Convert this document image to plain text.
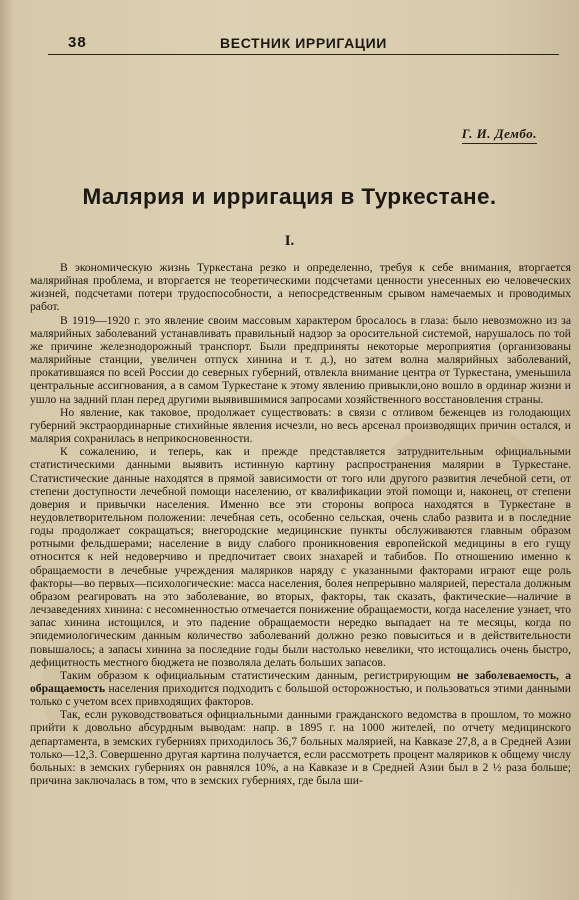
38	ВЕСТНИК ИРРИГАЦИИ
Г. И. Дембо.
Малярия и ирригация в Туркестане.
I.

В экономическую жизнь Туркестана резко и определенно, требуя к себе внимания, вторгается малярийная проблема, и вторгается не теоретическими подсчетами ценности унесенных ею человеческих жизней, подсчетами потери трудоспособности, а непосредственным срывом намечаемых и проводимых работ.

В 1919—1920 г. это явление своим массовым характером бросалось в глаза: было невозможно из за малярийных заболеваний устанавливать правильный надзор за оросительной системой, нарушалось по той же причине железнодорожный транспорт. Были предприняты некоторые мероприятия (организованы малярийные станции, увеличен отпуск хинина и т. д.), но затем волна малярийных заболеваний, прокатившаяся по всей России до северных губерний, отвлекла внимание центра от Туркестана, уменьшила центральные ассигнования, а в самом Туркестане к этому явлению привыкли,оно вошло в ординар жизни и ушло на задний план перед другими выявившимися запросами хозяйственного восстановления страны.

Но явление, как таковое, продолжает существовать: в связи с отливом беженцев из голодающих губерний экстраординарные стихийные явления исчезли, но весь арсенал производящих причин остался, и малярия сохранилась в неприкосновенности.

К сожалению, и теперь, как и прежде представляется затруднительным официальными статистическими данными выявить истинную картину распространения малярии в Туркестане. Статистические данные находятся в прямой зависимости от того или другого развития лечебной сети, от степени доступности лечебной помощи населению, от квалификации этой помощи и, наконец, от степени доверия и привычки населения. Именно все эти стороны вопроса находятся в Туркестане в неудовлетворительном положении: лечебная сеть, особенно сельская, очень слабо развита и в последние годы продолжает сокращаться; внегородские медицинские пункты обслуживаются главным образом ротными фельдшерами; население в виду слабого проникновения европейской медицины в его гущу относится к ней недоверчиво и предпочитает своих знахарей и табибов. По отношению именно к обращаемости в лечебные учреждения маляриков наряду с указанными факторами играют еще роль факторы—во первых—психологические: масса населения, болея непрерывно малярией, перестала должным образом реагировать на это заболевание, во вторых, факторы, так сказать, фактические—наличие в лечзаведениях хинина: с несомненностью отмечается понижение обращаемости, когда население узнает, что запас хинина истощился, и это падение обращаемости нередко выпадает на те месяцы, когда по эпидемиологическим данным количество заболеваний должно резко повыситься и в действительности повышалось; а запасы хинина за последние годы были настолько невелики, что истощались очень быстро, дефицитность местного бюджета не позволяла делать больших запасов.

Таким образом к официальным статистическим данным, регистрирующим не заболеваемость, а обращаемость населения приходится подходить с большой осторожностью, и пользоваться этими данными только с учетом всех привходящих факторов.

Так, если руководствоваться официальными данными гражданского ведомства в прошлом, то можно прийти к довольно абсурдным выводам: напр. в 1895 г. на 1000 жителей, по отчету медицинского департамента, в земских губерниях приходилось 36,7 больных малярией, на Кавказе 27,8, а в Средней Азии только—12,3. Совершенно другая картина получается, если рассмотреть процент маляриков к общему числу больных: в земских губерниях он равнялся 10%, а на Кавказе и в Средней Азии был в 2 ½ раза больше; причина заключалась в том, что в земских губерниях, где была ши-
